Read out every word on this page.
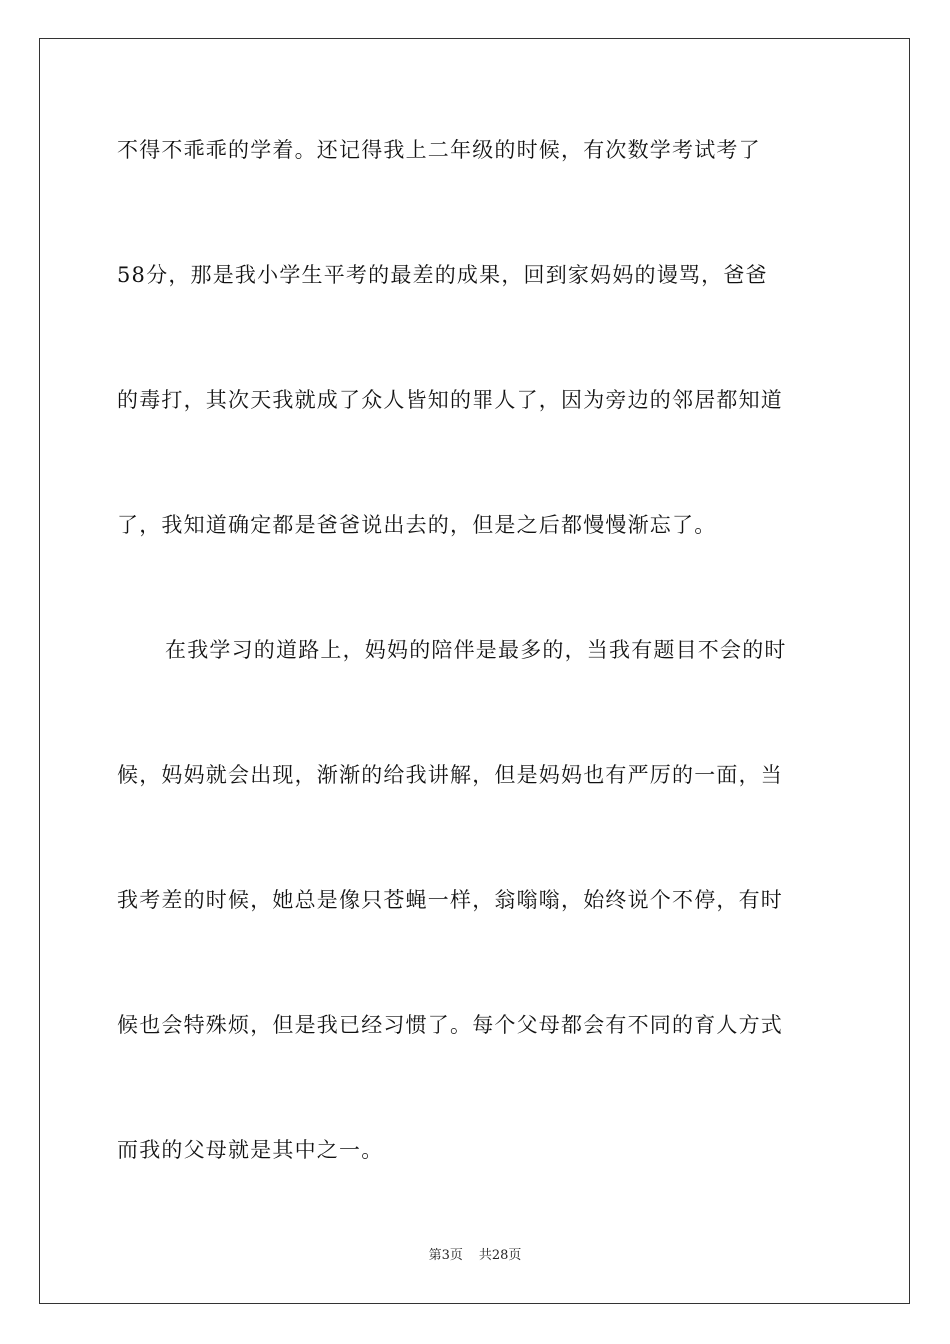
不得不乖乖的学着。还记得我上二年级的时候，有次数学考试考了
58分，那是我小学生平考的最差的成果，回到家妈妈的谩骂，爸爸
的毒打，其次天我就成了众人皆知的罪人了，因为旁边的邻居都知道
了，我知道确定都是爸爸说出去的，但是之后都慢慢渐忘了。
在我学习的道路上，妈妈的陪伴是最多的，当我有题目不会的时
候，妈妈就会出现，渐渐的给我讲解，但是妈妈也有严厉的一面，当
我考差的时候，她总是像只苍蝇一样，翁嗡嗡，始终说个不停，有时
候也会特殊烦，但是我已经习惯了。每个父母都会有不同的育人方式
而我的父母就是其中之一。
第3页 共28页
